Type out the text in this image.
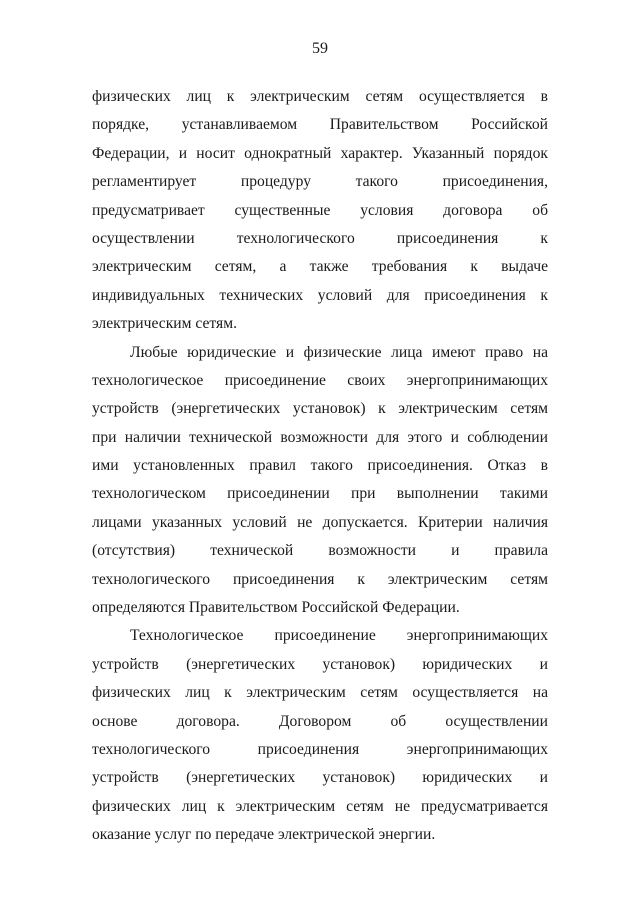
59
физических лиц к электрическим сетям осуществляется в
порядке, устанавливаемом Правительством Российской
Федерации, и носит однократный характер. Указанный порядок
регламентирует процедуру такого присоединения,
предусматривает существенные условия договора об
осуществлении технологического присоединения к
электрическим сетям, а также требования к выдаче
индивидуальных технических условий для присоединения к
электрическим сетям.
Любые юридические и физические лица имеют право на
технологическое присоединение своих энергопринимающих
устройств (энергетических установок) к электрическим сетям
при наличии технической возможности для этого и соблюдении
ими установленных правил такого присоединения. Отказ в
технологическом присоединении при выполнении такими
лицами указанных условий не допускается. Критерии наличия
(отсутствия) технической возможности и правила
технологического присоединения к электрическим сетям
определяются Правительством Российской Федерации.
Технологическое присоединение энергопринимающих
устройств (энергетических установок) юридических и
физических лиц к электрическим сетям осуществляется на
основе договора. Договором об осуществлении
технологического присоединения энергопринимающих
устройств (энергетических установок) юридических и
физических лиц к электрическим сетям не предусматривается
оказание услуг по передаче электрической энергии.
